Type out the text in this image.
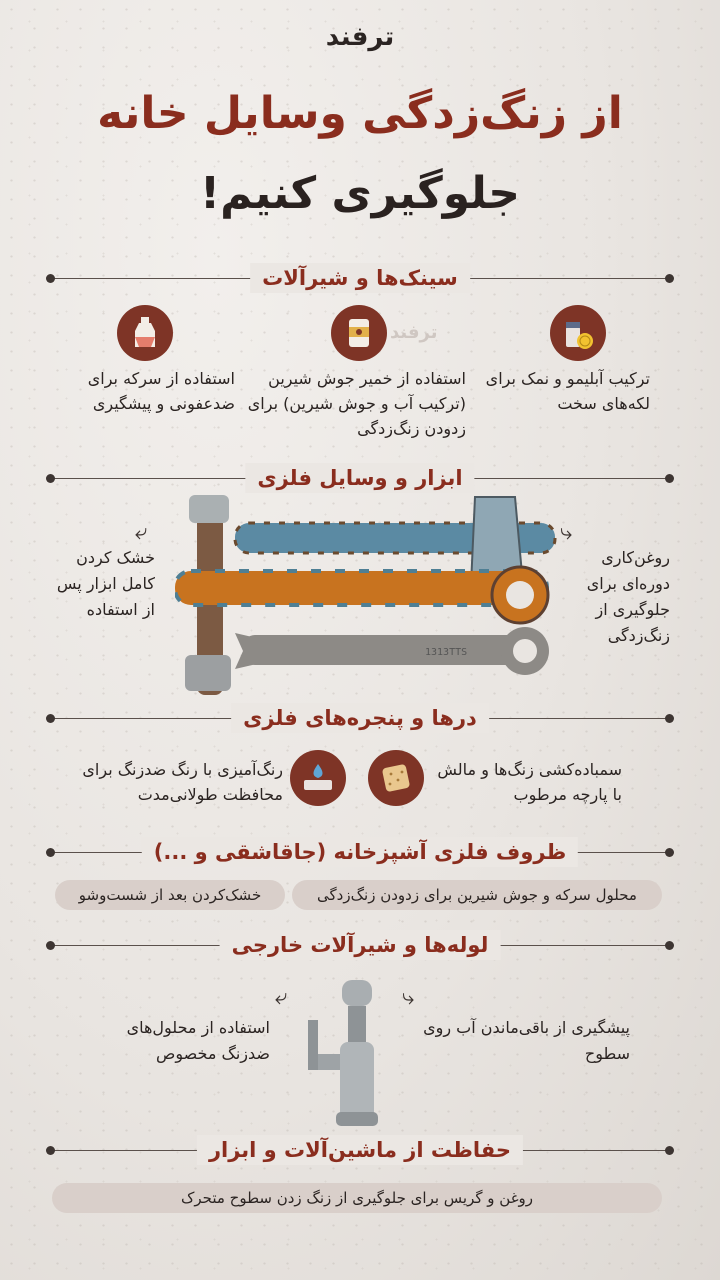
ترفند
از زنگ‌زدگی وسایل خانه
جلوگیری کنیم!
سینک‌ها و شیرآلات
ترکیب آبلیمو و نمک برای لکه‌های سخت
استفاده از خمیر جوش شیرین (ترکیب آب و جوش شیرین) برای زدودن زنگ‌زدگی
ترفند
استفاده از سرکه برای ضدعفونی و پیشگیری
ابزار و وسایل فلزی
1313TTS
⤶
خشک کردن کامل ابزار پس از استفاده
⤷
روغن‌کاری دوره‌ای برای جلوگیری از زنگ‌زدگی
درها و پنجره‌های فلزی
سمباده‌کشی زنگ‌ها و مالش با پارچه مرطوب
رنگ‌آمیزی با رنگ ضدزنگ برای محافظت طولانی‌مدت
ظروف فلزی آشپزخانه (جاقاشقی و ...)
محلول سرکه و جوش شیرین برای زدودن زنگ‌زدگی
خشک‌کردن بعد از شست‌وشو
لوله‌ها و شیرآلات خارجی
⤷
پیشگیری از باقی‌ماندن آب روی سطوح
⤶
استفاده از محلول‌های ضدزنگ مخصوص
حفاظت از ماشین‌آلات و ابزار
روغن و گریس برای جلوگیری از زنگ زدن سطوح متحرک
